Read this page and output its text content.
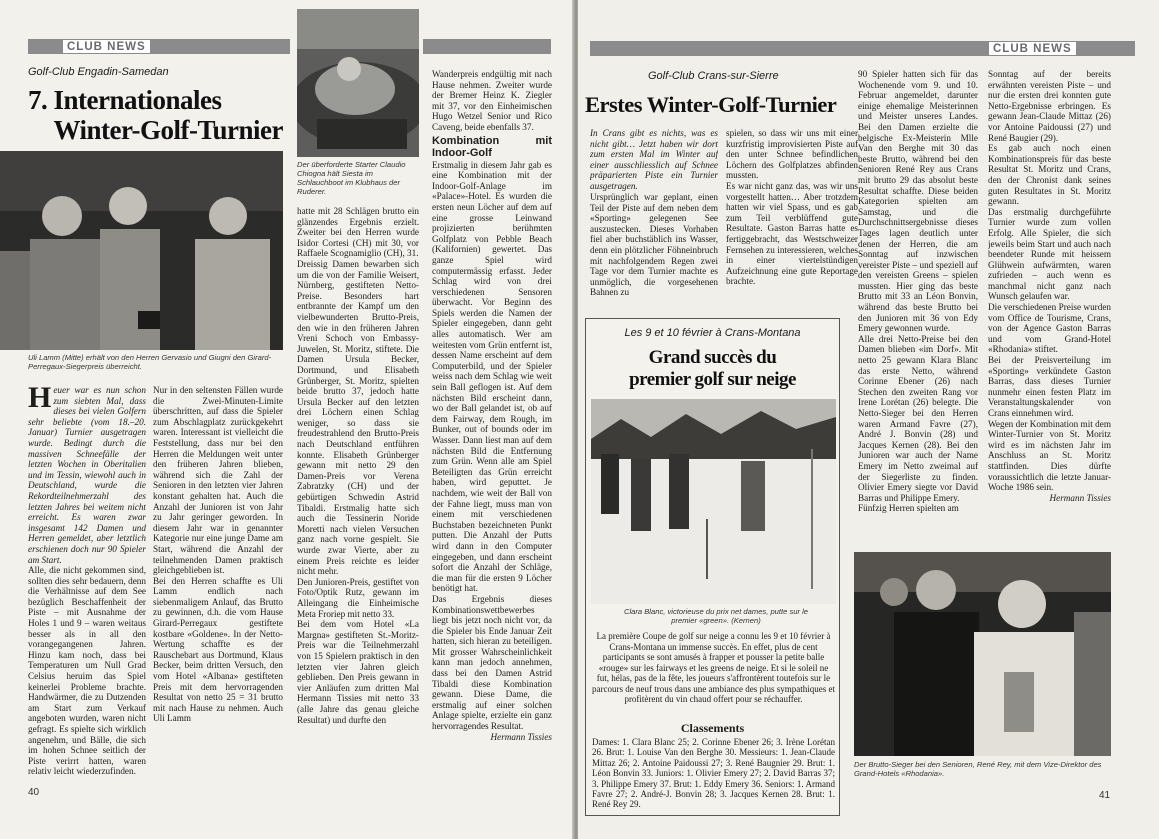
CLUB NEWS
Golf-Club Engadin-Samedan
7. Internationales
Winter-Golf-Turnier
Der überforderte Starter Claudio Chiogna hält Siesta im Schlauchboot im Klubhaus der Ruderer.
Uli Lamm (Mitte) erhält von den Herren Gervasio und Giugni den Girard-Perregaux-Siegerpreis überreicht.

Heuer war es nun schon zum siebten Mal, dass dieses bei vielen Golfern sehr beliebte (vom 18.–20. Januar) Turnier ausgetragen wurde. Bedingt durch die massiven Schneefälle der letzten Wochen in Oberitalien und im Tessin, wiewohl auch in Deutschland, wurde die Rekordteilnehmerzahl des letzten Jahres bei weitem nicht erreicht. Es waren zwar insgesamt 142 Damen und Herren gemeldet, aber letztlich erschienen doch nur 90 Spieler am Start.

Alle, die nicht gekommen sind, sollten dies sehr bedauern, denn die Verhältnisse auf dem See bezüglich Beschaffenheit der Piste – mit Ausnahme der Holes 1 und 9 – waren weitaus besser als in all den vorangegangenen Jahren. Hinzu kam noch, dass bei Temperaturen um Null Grad Celsius heruim das Spiel keinerlei Probleme brachte. Handwärmer, die zu Dutzenden am Start zum Verkauf angeboten wurden, waren nicht gefragt. Es spielte sich wirklich angenehm, und Bälle, die sich im hohen Schnee seitlich der Piste verirrt hatten, waren relativ leicht wiederzufinden.

Nur in den seltensten Fällen wurde die Zwei-Minuten-Limite überschritten, auf dass die Spieler zum Abschlagplatz zurückgekehrt waren. Interessant ist vielleicht die Feststellung, dass nur bei den Herren die Meldungen weit unter den früheren Jahren blieben, während sich die Zahl der Senioren in den letzten vier Jahren konstant gehalten hat. Auch die Anzahl der Junioren ist von Jahr zu Jahr geringer geworden. In diesem Jahr war in genannter Kategorie nur eine junge Dame am Start, während die Anzahl der teilnehmenden Damen praktisch gleichgeblieben ist.
Bei den Herren schaffte es Uli Lamm endlich nach siebenmaligem Anlauf, das Brutto zu gewinnen, d.h. die vom Hause Girard-Perregaux gestiftete kostbare «Goldene». In der Netto-Wertung schaffte es der Rauschebart aus Dortmund, Klaus Becker, beim dritten Versuch, den vom Hotel «Albana» gestifteten Preis mit dem hervorragenden Resultat von netto 25 = 31 brutto mit nach Hause zu nehmen. Auch Uli Lamm
hatte mit 28 Schlägen brutto ein glänzendes Ergebnis erzielt. Zweiter bei den Herren wurde Isidor Cortesi (CH) mit 30, vor Raffaele Scognamiglio (CH), 31.
Dreissig Damen bewarben sich um die von der Familie Weisert, Nürnberg, gestifteten Netto-Preise. Besonders hart entbrannte der Kampf um den vielbewunderten Brutto-Preis, den wie in den früheren Jahren Vreni Schoch von Embassy-Juwelen, St. Moritz, stiftete. Die Damen Ursula Becker, Dortmund, und Elisabeth Grünberger, St. Moritz, spielten beide brutto 37, jedoch hatte Ursula Becker auf den letzten drei Löchern einen Schlag weniger, so dass sie freudestrahlend den Brutto-Preis nach Deutschland entführen konnte. Elisabeth Grünberger gewann mit netto 29 den Damen-Preis vor Verena Zabratzky (CH) und der gebürtigen Schwedin Astrid Tibaldi. Erstmalig hatte sich auch die Tessinerin Noride Moretti nach vielen Versuchen ganz nach vorne gespielt. Sie wurde zwar Vierte, aber zu einem Preis reichte es leider nicht mehr.
Den Junioren-Preis, gestiftet von Foto/Optik Rutz, gewann im Alleingang die Einheimische Meta Froriep mit netto 33.
Bei dem vom Hotel «La Margna» gestifteten St.-Moritz-Preis war die Teilnehmerzahl von 15 Spielern praktisch in den letzten vier Jahren gleich geblieben. Den Preis gewann in vier Anläufen zum dritten Mal Hermann Tissies mit netto 33 (alle Jahre das genau gleiche Resultat) und durfte den

Wanderpreis endgültig mit nach Hause nehmen. Zweiter wurde der Bremer Heinz K. Ziegler mit 37, vor den Einheimischen Hugo Wetzel Senior und Rico Caveng, beide ebenfalls 37.

Kombination mit Indoor-Golf

Erstmalig in diesem Jahr gab es eine Kombination mit der Indoor-Golf-Anlage im «Palace»-Hotel. Es wurden die ersten neun Löcher auf dem auf eine grosse Leinwand projizierten berühmten Golfplatz von Pebble Beach (Kalifornien) gewertet. Das ganze Spiel wird computermässig erfasst. Jeder Schlag wird von drei verschiedenen Sensoren überwacht. Vor Beginn des Spiels werden die Namen der Spieler eingegeben, dann geht alles automatisch. Wer am weitesten vom Grün entfernt ist, dessen Name erscheint auf dem Computerbild, und der Spieler weiss nach dem Schlag wie weit sein Ball geflogen ist. Auf dem nächsten Bild erscheint dann, wo der Ball gelandet ist, ob auf dem Fairway, dem Rough, im Bunker, out of bounds oder im Wasser. Dann liest man auf dem nächsten Bild die Entfernung zum Grün. Wenn alle am Spiel Beteiligten das Grün erreicht haben, wird geputtet. Je nachdem, wie weit der Ball von der Fahne liegt, muss man von einem mit verschiedenen Buchstaben bezeichneten Punkt putten. Die Anzahl der Putts wird dann in den Computer eingegeben, und dann erscheint sofort die Anzahl der Schläge, die man für die ersten 9 Löcher benötigt hat.
Das Ergebnis dieses Kombinationswettbewerbes liegt bis jetzt noch nicht vor, da die Spieler bis Ende Januar Zeit hatten, sich hieran zu beteiligen. Mit grosser Wahrscheinlichkeit kann man jedoch annehmen, dass bei den Damen Astrid Tibaldi diese Kombination gewann. Diese Dame, die erstmalig auf einer solchen Anlage spielte, erzielte ein ganz hervorragendes Resultat.

Hermann Tissies
40
CLUB NEWS
Golf-Club Crans-sur-Sierre
Erstes Winter-Golf-Turnier
In Crans gibt es nichts, was es nicht gibt… Jetzt haben wir dort zum ersten Mal im Winter auf einer ausschliesslich auf Schnee präparierten Piste ein Turnier ausgetragen.
Ursprünglich war geplant, einen Teil der Piste auf dem neben dem «Sporting» gelegenen See auszustecken. Dieses Vorhaben fiel aber buchstäblich ins Wasser, denn ein plötzlicher Föhneinbruch mit nachfolgendem Regen zwei Tage vor dem Turnier machte es unmöglich, die vorgesehenen Bahnen zu
spielen, so dass wir uns mit einer kurzfristig improvisierten Piste auf den unter Schnee befindlichen Löchern des Golfplatzes abfinden mussten.
Es war nicht ganz das, was wir uns vorgestellt hatten… Aber trotzdem hatten wir viel Spass, und es gab zum Teil verblüffend gute Resultate. Gaston Barras hatte es fertiggebracht, das Westschweizer Fernsehen zu interessieren, welches in einer viertelstündigen Aufzeichnung eine gute Reportage brachte.
90 Spieler hatten sich für das Wochenende vom 9. und 10. Februar angemeldet, darunter einige ehemalige Meisterinnen und Meister unseres Landes. Bei den Damen erzielte die belgische Ex-Meisterin Mlle Van den Berghe mit 30 das beste Brutto, während bei den Senioren René Rey aus Crans mit brutto 29 das absolut beste Resultat schaffte. Diese beiden Kategorien spielten am Samstag, und die Durchschnittsergebnisse dieses Tages lagen deutlich unter denen der Herren, die am Sonntag auf inzwischen vereister Piste – und speziell auf den vereisten Greens – spielen mussten. Hier ging das beste Brutto mit 33 an Léon Bonvin, während das beste Brutto bei den Junioren mit 36 von Edy Emery gewonnen wurde.
Alle drei Netto-Preise bei den Damen blieben «im Dorf». Mit netto 25 gewann Klara Blanc das erste Netto, während Corinne Ebener (26) nach Stechen den zweiten Rang vor Irene Lorétan (26) belegte. Die Netto-Sieger bei den Herren waren Armand Favre (27), André J. Bonvin (28) und Jacques Kernen (28). Bei den Junioren war auch der Name Emery im Netto zweimal auf der Siegerliste zu finden. Olivier Emery siegte vor David Barras und Philippe Emery.
Fünfzig Herren spielten am

Sonntag auf der bereits erwähnten vereisten Piste – und nur die ersten drei konnten gute Netto-Ergebnisse erbringen. Es gewann Jean-Claude Mittaz (26) vor Antoine Paidoussi (27) und René Baugier (29).
Es gab auch noch einen Kombinationspreis für das beste Resultat St. Moritz und Crans, den der Chronist dank seines guten Resultates in St. Moritz gewann.
Das erstmalig durchgeführte Turnier wurde zum vollen Erfolg. Alle Spieler, die sich jeweils beim Start und auch nach beendeter Runde mit heissem Glühwein aufwärmten, waren zufrieden – auch wenn es manchmal nicht ganz nach Wunsch gelaufen war.
Die verschiedenen Preise wurden vom Office de Tourisme, Crans, von der Agence Gaston Barras und vom Grand-Hotel «Rhodania» stiftet.
Bei der Preisverteilung im «Sporting» verkündete Gaston Barras, dass dieses Turnier nunmehr einen festen Platz im Veranstaltungskalender von Crans einnehmen wird.
Wegen der Kombination mit dem Winter-Turnier von St. Moritz wird es im nächsten Jahr im Anschluss an St. Moritz stattfinden. Dies dürfte voraussichtlich die letzte Januar-Woche 1986 sein.

Hermann Tissies
Der Brutto-Sieger bei den Senioren, René Rey, mit dem Vize-Direktor des Grand-Hotels «Rhodania».
41
Les 9 et 10 février à Crans-Montana
Grand succès du
premier golf sur neige
Clara Blanc, victorieuse du prix net dames, putte sur le premier «green». (Kernen)
La première Coupe de golf sur neige a connu les 9 et 10 février à Crans-Montana un immense succès. En effet, plus de cent participants se sont amusés à frapper et pousser la petite balle «rouge» sur les fairways et les greens de neige. Et si le soleil ne fut, hélas, pas de la fête, les joueurs s'affrontèrent toutefois sur le parcours de neuf trous dans une ambiance des plus sympathiques et profitèrent du vin chaud offert pour se réchauffer.
Classements
Dames: 1. Clara Blanc 25; 2. Corinne Ebener 26; 3. Irène Lorétan 26. Brut: 1. Louise Van den Berghe 30. Messieurs: 1. Jean-Claude Mittaz 26; 2. Antoine Paidoussi 27; 3. René Baugnier 29. Brut: 1. Léon Bonvin 33. Juniors: 1. Olivier Emery 27; 2. David Barras 37; 3. Philippe Emery 37. Brut: 1. Eddy Emery 36. Seniors: 1. Armand Favre 27; 2. André-J. Bonvin 28; 3. Jacques Kernen 28. Brut: 1. René Rey 29.
